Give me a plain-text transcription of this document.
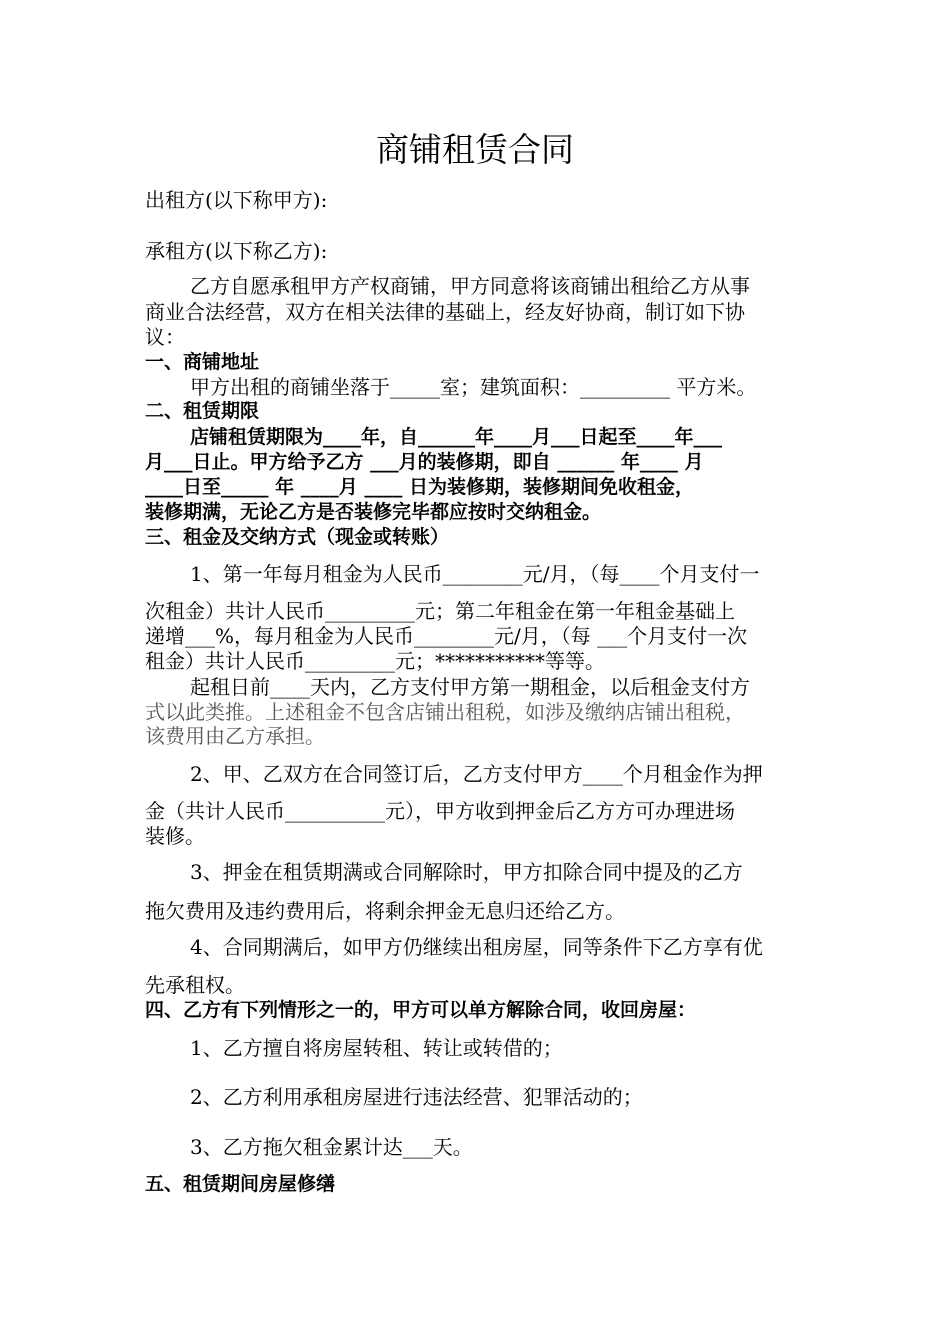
商铺租赁合同
出租方(以下称甲方):
承租方(以下称乙方):
乙方自愿承租甲方产权商铺，甲方同意将该商铺出租给乙方从事
商业合法经营，双方在相关法律的基础上，经友好协商，制订如下协
议：
一、商铺地址
甲方出租的商铺坐落于_____室；建筑面积：_________ 平方米。
二、租赁期限
店铺租赁期限为____年，自______年____月___日起至____年___
月___日止。甲方给予乙方 ___月的装修期，即自 ______ 年____ 月
____日至_____ 年 ____月 ____ 日为装修期，装修期间免收租金，
装修期满，无论乙方是否装修完毕都应按时交纳租金。
三、租金及交纳方式（现金或转账）
1、第一年每月租金为人民币________元/月，（每____个月支付一
次租金）共计人民币_________元；第二年租金在第一年租金基础上
递增___%，每月租金为人民币________元/月，（每 ___个月支付一次
租金）共计人民币_________元；***********等等。
起租日前____天内，乙方支付甲方第一期租金，以后租金支付方
式以此类推。上述租金不包含店铺出租税，如涉及缴纳店铺出租税，
该费用由乙方承担。
2、甲、乙双方在合同签订后，乙方支付甲方____个月租金作为押
金（共计人民币__________元），甲方收到押金后乙方方可办理进场
装修。
3、押金在租赁期满或合同解除时，甲方扣除合同中提及的乙方
拖欠费用及违约费用后，将剩余押金无息归还给乙方。
4、合同期满后，如甲方仍继续出租房屋，同等条件下乙方享有优
先承租权。
四、乙方有下列情形之一的，甲方可以单方解除合同，收回房屋：
1、乙方擅自将房屋转租、转让或转借的；
2、乙方利用承租房屋进行违法经营、犯罪活动的；
3、乙方拖欠租金累计达___天。
五、租赁期间房屋修缮
